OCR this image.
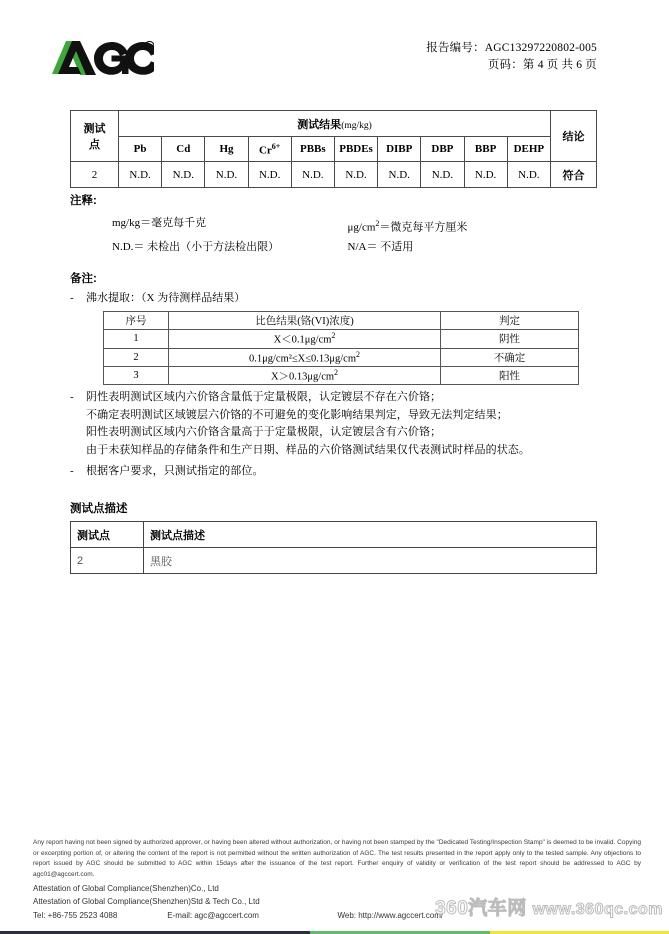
R	报告编号：AGC13297220802-005
页码：第 4 页 共 6 页
测试
点	测试结果(mg/kg)										结论
	Pb	Cd	Hg	$Cr^{6+}$	PBBs	PBDEs	DIBP	DBP	BBP	DEHP	
2	N.D.	N.D.	N.D.	N.D.	N.D.	N.D.	N.D.	N.D.	N.D.	N.D.	符合
注释:
mg/kg＝毫克每千克	$\mu g/cm^2=$微克每平方厘米
N.D.＝ 未检出（小于方法检出限）	N/A＝ 不适用
备注:
-	沸水提取：（X 为待测样品结果）

序号	比色结果(铬(VI)浓度)	判定
1	$X<0.1\mu g/cm^2$	阴性
2	$0.1\mu g/cm^2\le X\le 0.13\mu g/cm^2$	不确定
3	$X>0.13\mu g/cm^2$	阳性
-	阴性表明测试区域内六价铬含量低于定量极限，认定镀层不存在六价铬；

不确定表明测试区域镀层六价铬的不可避免的变化影响结果判定，导致无法判定结果；

阳性表明测试区域内六价铬含量高于于定量极限，认定镀层含有六价铬；

由于未获知样品的存储条件和生产日期、样品的六价铬测试结果仅代表测试时样品的状态。

-	根据客户要求，只测试指定的部位。

测试点描述
测试点	测试点描述
2	黑胶
Any report having not been signed by authorized approver, or having been altered without authorization, or having not been stamped by the "Dedicated Testing/Inspection Stamp" is deemed to be invalid. Copying or excerpting portion of, or altering the content of the report is not permitted without the written authorization of AGC. The test results presented in the report apply only to the tested sample. Any objections to report issued by AGC should be submitted to AGC within 15days after the issuance of the test report. Further enquiry of validity or verification of the test report should be addressed to AGC by agc01@agccert.com.
Attestation of Global Compliance(Shenzhen)Co., Ltd
Attestation of Global Compliance(Shenzhen)Std & Tech Co., Ltd
Tel: +86-755 2523 4088	E-mail: agc@agccert.com	Web: http://www.agccert.com/
360汽车网 www.360qc.com
